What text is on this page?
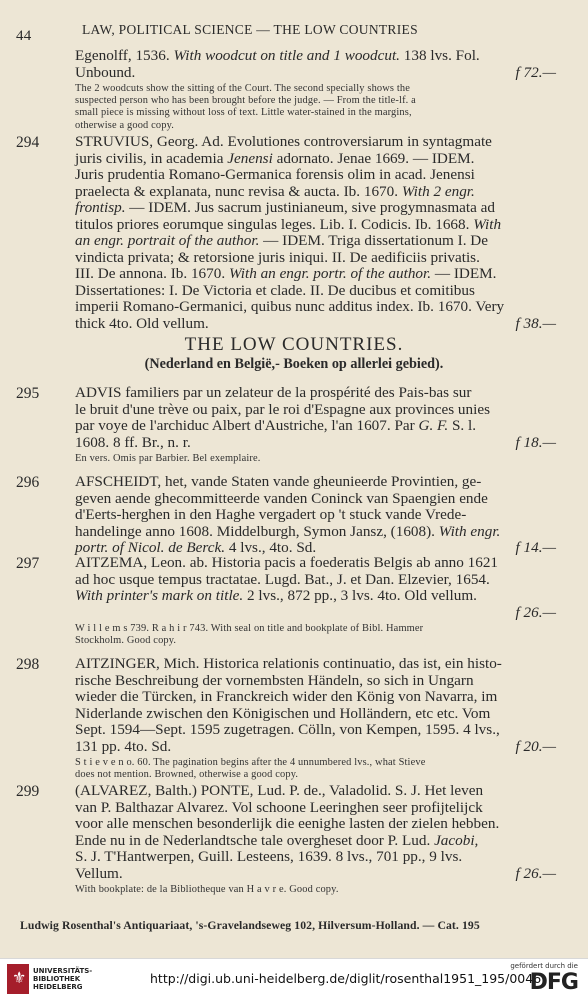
44	LAW, POLITICAL SCIENCE — THE LOW COUNTRIES
Egenolff, 1536. With woodcut on title and 1 woodcut. 138 lvs. Fol.
Unbound.	f 72.—
The 2 woodcuts show the sitting of the Court. The second specially shows the
suspected person who has been brought before the judge. — From the title-lf. a
small piece is missing without loss of text. Little water-stained in the margins,
otherwise a good copy.
294 STRUVIUS, Georg. Ad. Evolutiones controversiarum in syntagmate
juris civilis, in academia Jenensi adornato. Jenae 1669. — IDEM.
Juris prudentia Romano-Germanica forensis olim in acad. Jenensi
praelecta & explanata, nunc revisa & aucta. Ib. 1670. With 2 engr.
frontisp. — IDEM. Jus sacrum justinianeum, sive progymnasmata ad
titulos priores eorumque singulas leges. Lib. I. Codicis. Ib. 1668. With
an engr. portrait of the author. — IDEM. Triga dissertationum I. De
vindicta privata; & retorsione juris iniqui. II. De aedificiis privatis.
III. De annona. Ib. 1670. With an engr. portr. of the author. — IDEM.
Dissertationes: I. De Victoria et clade. II. De ducibus et comitibus
imperii Romano-Germanici, quibus nunc additus index. Ib. 1670. Very
thick 4to. Old vellum.	f 38.—
THE LOW COUNTRIES.
(Nederland en België,- Boeken op allerlei gebied).
295 ADVIS familiers par un zelateur de la prospérité des Pais-bas sur
le bruit d'une trève ou paix, par le roi d'Espagne aux provinces unies
par voye de l'archiduc Albert d'Austriche, l'an 1607. Par G. F. S. l.
1608. 8 ff. Br., n. r.	f 18.—
En vers. Omis par Barbier. Bel exemplaire.
296 AFSCHEIDT, het, vande Staten vande gheunieerde Provintien, ge-
geven aende ghecommitteerde vanden Coninck van Spaengien ende
d'Eerts-herghen in den Haghe vergadert op 't stuck vande Vrede-
handelinge anno 1608. Middelburgh, Symon Jansz, (1608). With engr.
portr. of Nicol. de Berck. 4 lvs., 4to. Sd.	f 14.—
297 AITZEMA, Leon. ab. Historia pacis a foederatis Belgis ab anno 1621
ad hoc usque tempus tractatae. Lugd. Bat., J. et Dan. Elzevier, 1654.
With printer's mark on title. 2 lvs., 872 pp., 3 lvs. 4to. Old vellum.
f 26.—
W i l l e m s 739. R a h i r 743. With seal on title and bookplate of Bibl. Hammer
Stockholm. Good copy.
298 AITZINGER, Mich. Historica relationis continuatio, das ist, ein histo-
rische Beschreibung der vornembsten Händeln, so sich in Ungarn
wieder die Türcken, in Franckreich wider den König von Navarra, im
Niderlande zwischen den Königischen und Holländern, etc etc. Vom
Sept. 1594—Sept. 1595 zugetragen. Cölln, von Kempen, 1595. 4 lvs.,
131 pp. 4to. Sd.	f 20.—
S t i e v e n o. 60. The pagination begins after the 4 unnumbered lvs., what Stieve
does not mention. Browned, otherwise a good copy.
299 (ALVAREZ, Balth.) PONTE, Lud. P. de., Valadolid. S. J. Het leven
van P. Balthazar Alvarez. Vol schoone Leeringhen seer profijtelijck
voor alle menschen besonderlijk die eenighe lasten der zielen hebben.
Ende nu in de Nederlandtsche tale overgheset door P. Lud. Jacobi,
S. J. T'Hantwerpen, Guill. Lesteens, 1639. 8 lvs., 701 pp., 9 lvs.
Vellum.	f 26.—
With bookplate: de la Bibliotheque van H a v r e. Good copy.
Ludwig Rosenthal's Antiquariaat, 's-Gravelandseweg 102, Hilversum-Holland. — Cat. 195
⚜ UNIVERSITÄTS-
BIBLIOTHEK
HEIDELBERG
http://digi.ub.uni-heidelberg.de/diglit/rosenthal1951_195/0046
gefördert durch die
DFG
